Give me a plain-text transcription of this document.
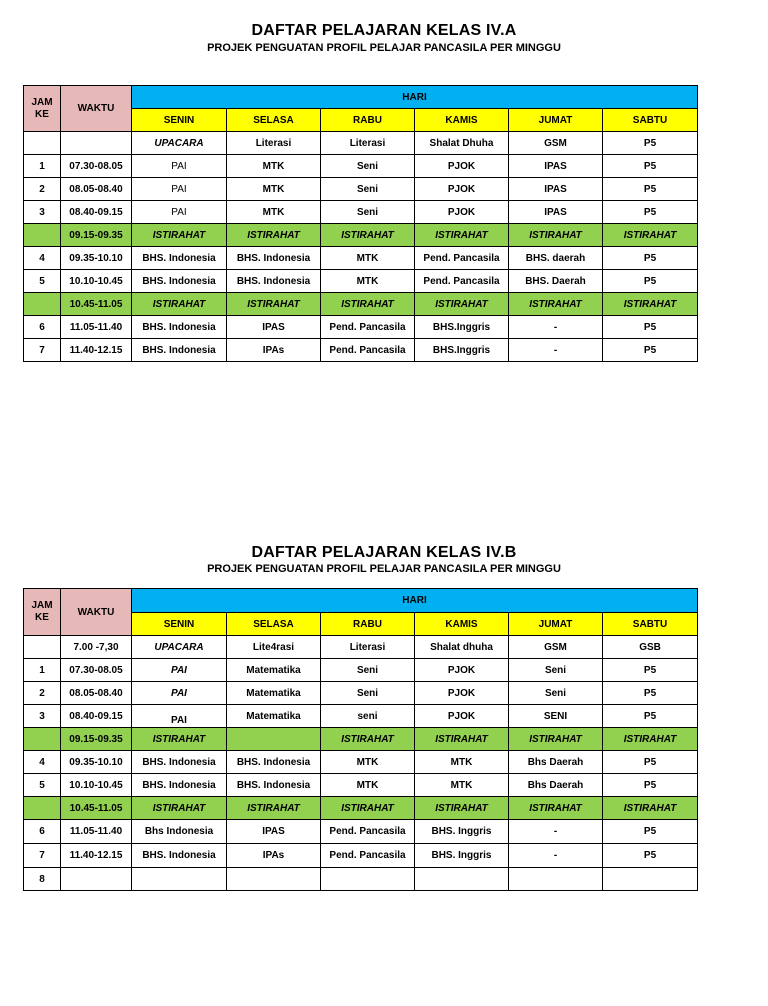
DAFTAR PELAJARAN KELAS IV.A
PROJEK PENGUATAN PROFIL PELAJAR PANCASILA PER MINGGU
JAM KE	WAKTU	HARI					
		SENIN	SELASA	RABU	KAMIS	JUMAT	SABTU
		UPACARA	Literasi	Literasi	Shalat Dhuha	GSM	P5
1	07.30-08.05	PAI	MTK	Seni	PJOK	IPAS	P5
2	08.05-08.40	PAI	MTK	Seni	PJOK	IPAS	P5
3	08.40-09.15	PAI	MTK	Seni	PJOK	IPAS	P5
	09.15-09.35	ISTIRAHAT	ISTIRAHAT	ISTIRAHAT	ISTIRAHAT	ISTIRAHAT	ISTIRAHAT
4	09.35-10.10	BHS. Indonesia	BHS. Indonesia	MTK	Pend. Pancasila	BHS. daerah	P5
5	10.10-10.45	BHS. Indonesia	BHS. Indonesia	MTK	Pend. Pancasila	BHS. Daerah	P5
	10.45-11.05	ISTIRAHAT	ISTIRAHAT	ISTIRAHAT	ISTIRAHAT	ISTIRAHAT	ISTIRAHAT
6	11.05-11.40	BHS. Indonesia	IPAS	Pend. Pancasila	BHS.Inggris	-	P5
7	11.40-12.15	BHS. Indonesia	IPAs	Pend. Pancasila	BHS.Inggris	-	P5
DAFTAR PELAJARAN KELAS IV.B
PROJEK PENGUATAN PROFIL PELAJAR PANCASILA PER MINGGU
JAM KE	WAKTU	HARI					
		SENIN	SELASA	RABU	KAMIS	JUMAT	SABTU
	7.00 -7,30	UPACARA	Lite4rasi	Literasi	Shalat dhuha	GSM	GSB
1	07.30-08.05	PAI	Matematika	Seni	PJOK	Seni	P5
2	08.05-08.40	PAI	Matematika	Seni	PJOK	Seni	P5
3	08.40-09.15	PAI	Matematika	seni	PJOK	SENI	P5
	09.15-09.35	ISTIRAHAT		ISTIRAHAT	ISTIRAHAT	ISTIRAHAT	ISTIRAHAT
4	09.35-10.10	BHS. Indonesia	BHS. Indonesia	MTK	MTK	Bhs Daerah	P5
5	10.10-10.45	BHS. Indonesia	BHS. Indonesia	MTK	MTK	Bhs Daerah	P5
	10.45-11.05	ISTIRAHAT	ISTIRAHAT	ISTIRAHAT	ISTIRAHAT	ISTIRAHAT	ISTIRAHAT
6	11.05-11.40	Bhs Indonesia	IPAS	Pend. Pancasila	BHS. Inggris	-	P5
7	11.40-12.15	BHS. Indonesia	IPAs	Pend. Pancasila	BHS. Inggris	-	P5
8							
